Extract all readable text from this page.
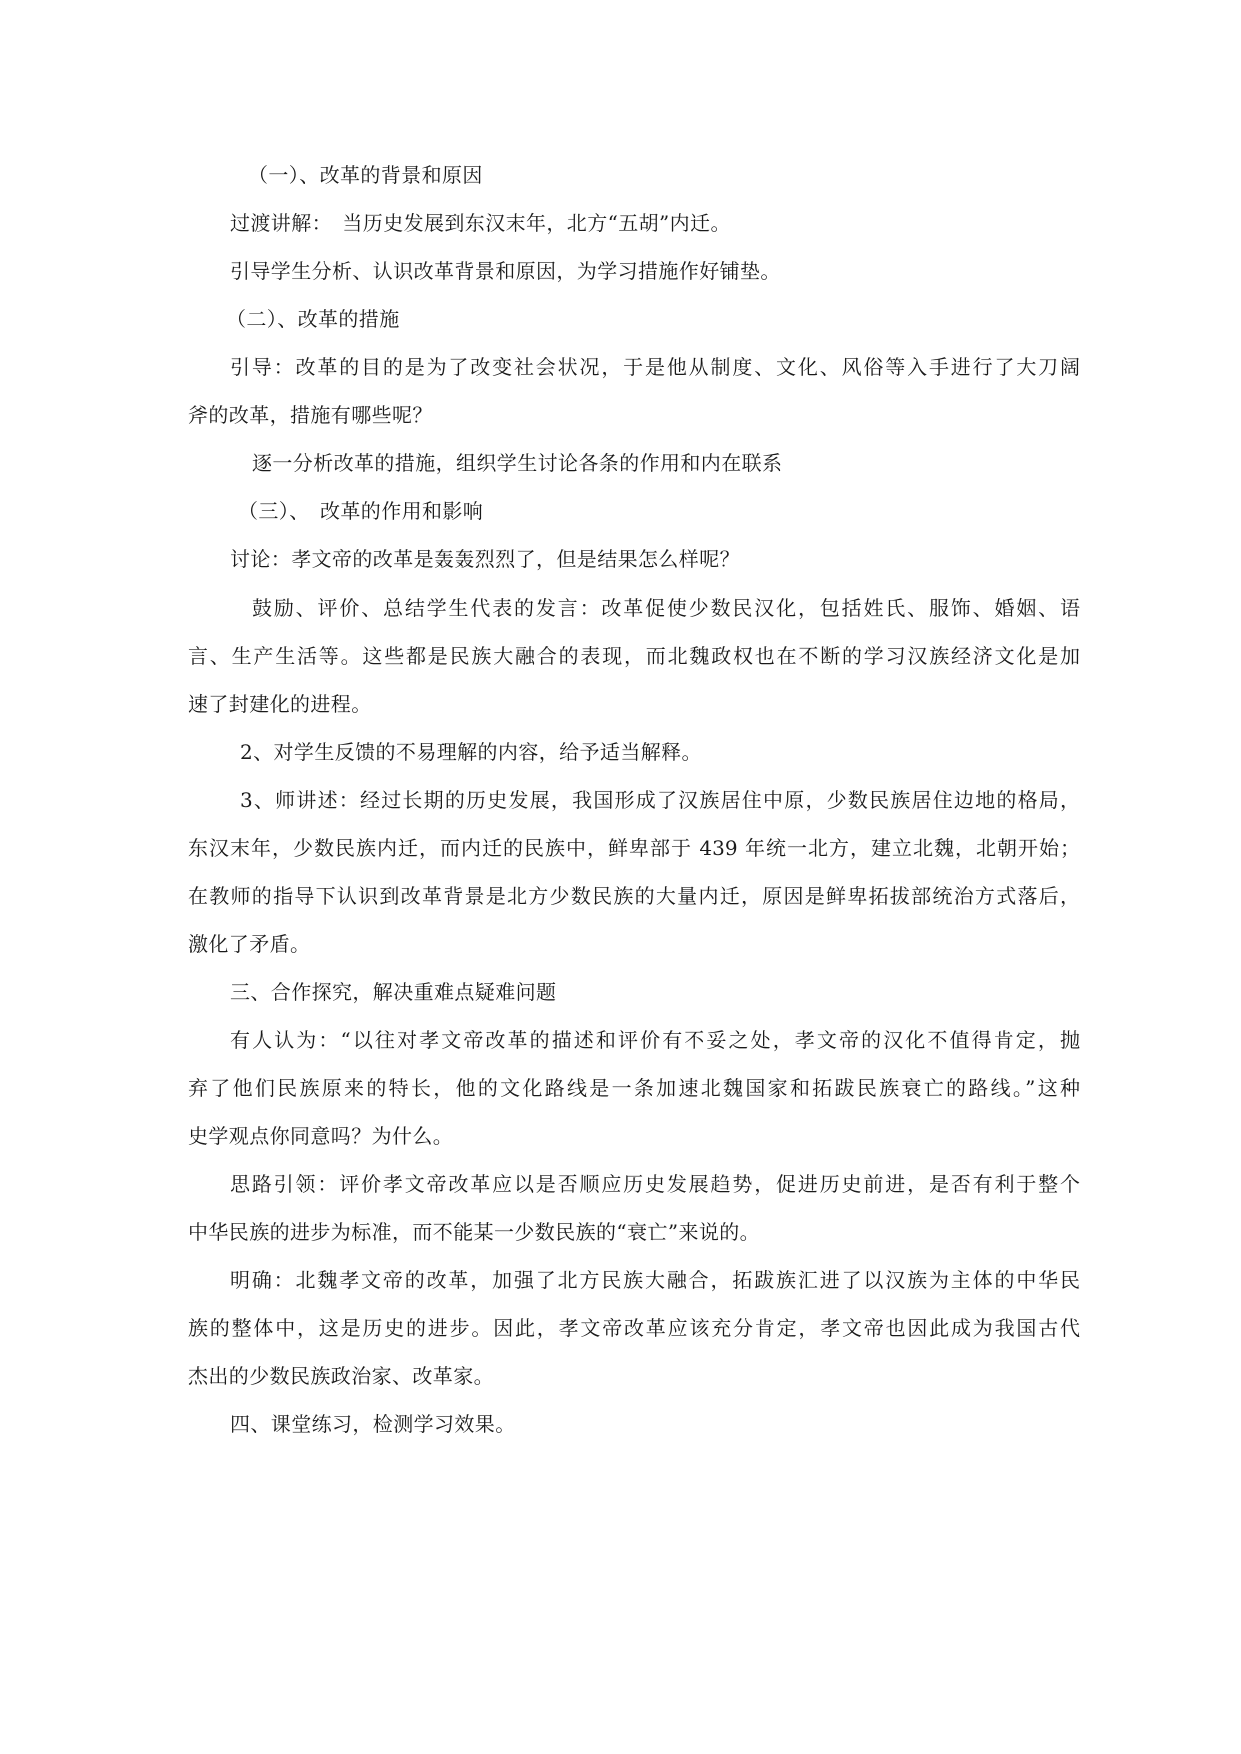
（一）、改革的背景和原因

过渡讲解：　当历史发展到东汉末年，北方“五胡”内迁。

引导学生分析、认识改革背景和原因，为学习措施作好铺垫。

（二）、改革的措施

引导：改革的目的是为了改变社会状况，于是他从制度、文化、风俗等入手进行了大刀阔

斧的改革，措施有哪些呢？

逐一分析改革的措施，组织学生讨论各条的作用和内在联系

（三）、　改革的作用和影响

讨论：孝文帝的改革是轰轰烈烈了，但是结果怎么样呢？

鼓励、评价、总结学生代表的发言：改革促使少数民汉化，包括姓氏、服饰、婚姻、语

言、生产生活等。这些都是民族大融合的表现，而北魏政权也在不断的学习汉族经济文化是加

速了封建化的进程。

2、对学生反馈的不易理解的内容，给予适当解释。

3、师讲述：经过长期的历史发展，我国形成了汉族居住中原，少数民族居住边地的格局，

东汉末年，少数民族内迁，而内迁的民族中，鲜卑部于 439 年统一北方，建立北魏，北朝开始；

在教师的指导下认识到改革背景是北方少数民族的大量内迁，原因是鲜卑拓拔部统治方式落后，

激化了矛盾。

三、合作探究，解决重难点疑难问题

有人认为：“以往对孝文帝改革的描述和评价有不妥之处，孝文帝的汉化不值得肯定，抛

弃了他们民族原来的特长，他的文化路线是一条加速北魏国家和拓跋民族衰亡的路线。”这种

史学观点你同意吗？为什么。

思路引领：评价孝文帝改革应以是否顺应历史发展趋势，促进历史前进，是否有利于整个

中华民族的进步为标准，而不能某一少数民族的“衰亡”来说的。

明确：北魏孝文帝的改革，加强了北方民族大融合，拓跋族汇进了以汉族为主体的中华民

族的整体中，这是历史的进步。因此，孝文帝改革应该充分肯定，孝文帝也因此成为我国古代

杰出的少数民族政治家、改革家。

四、课堂练习，检测学习效果。
